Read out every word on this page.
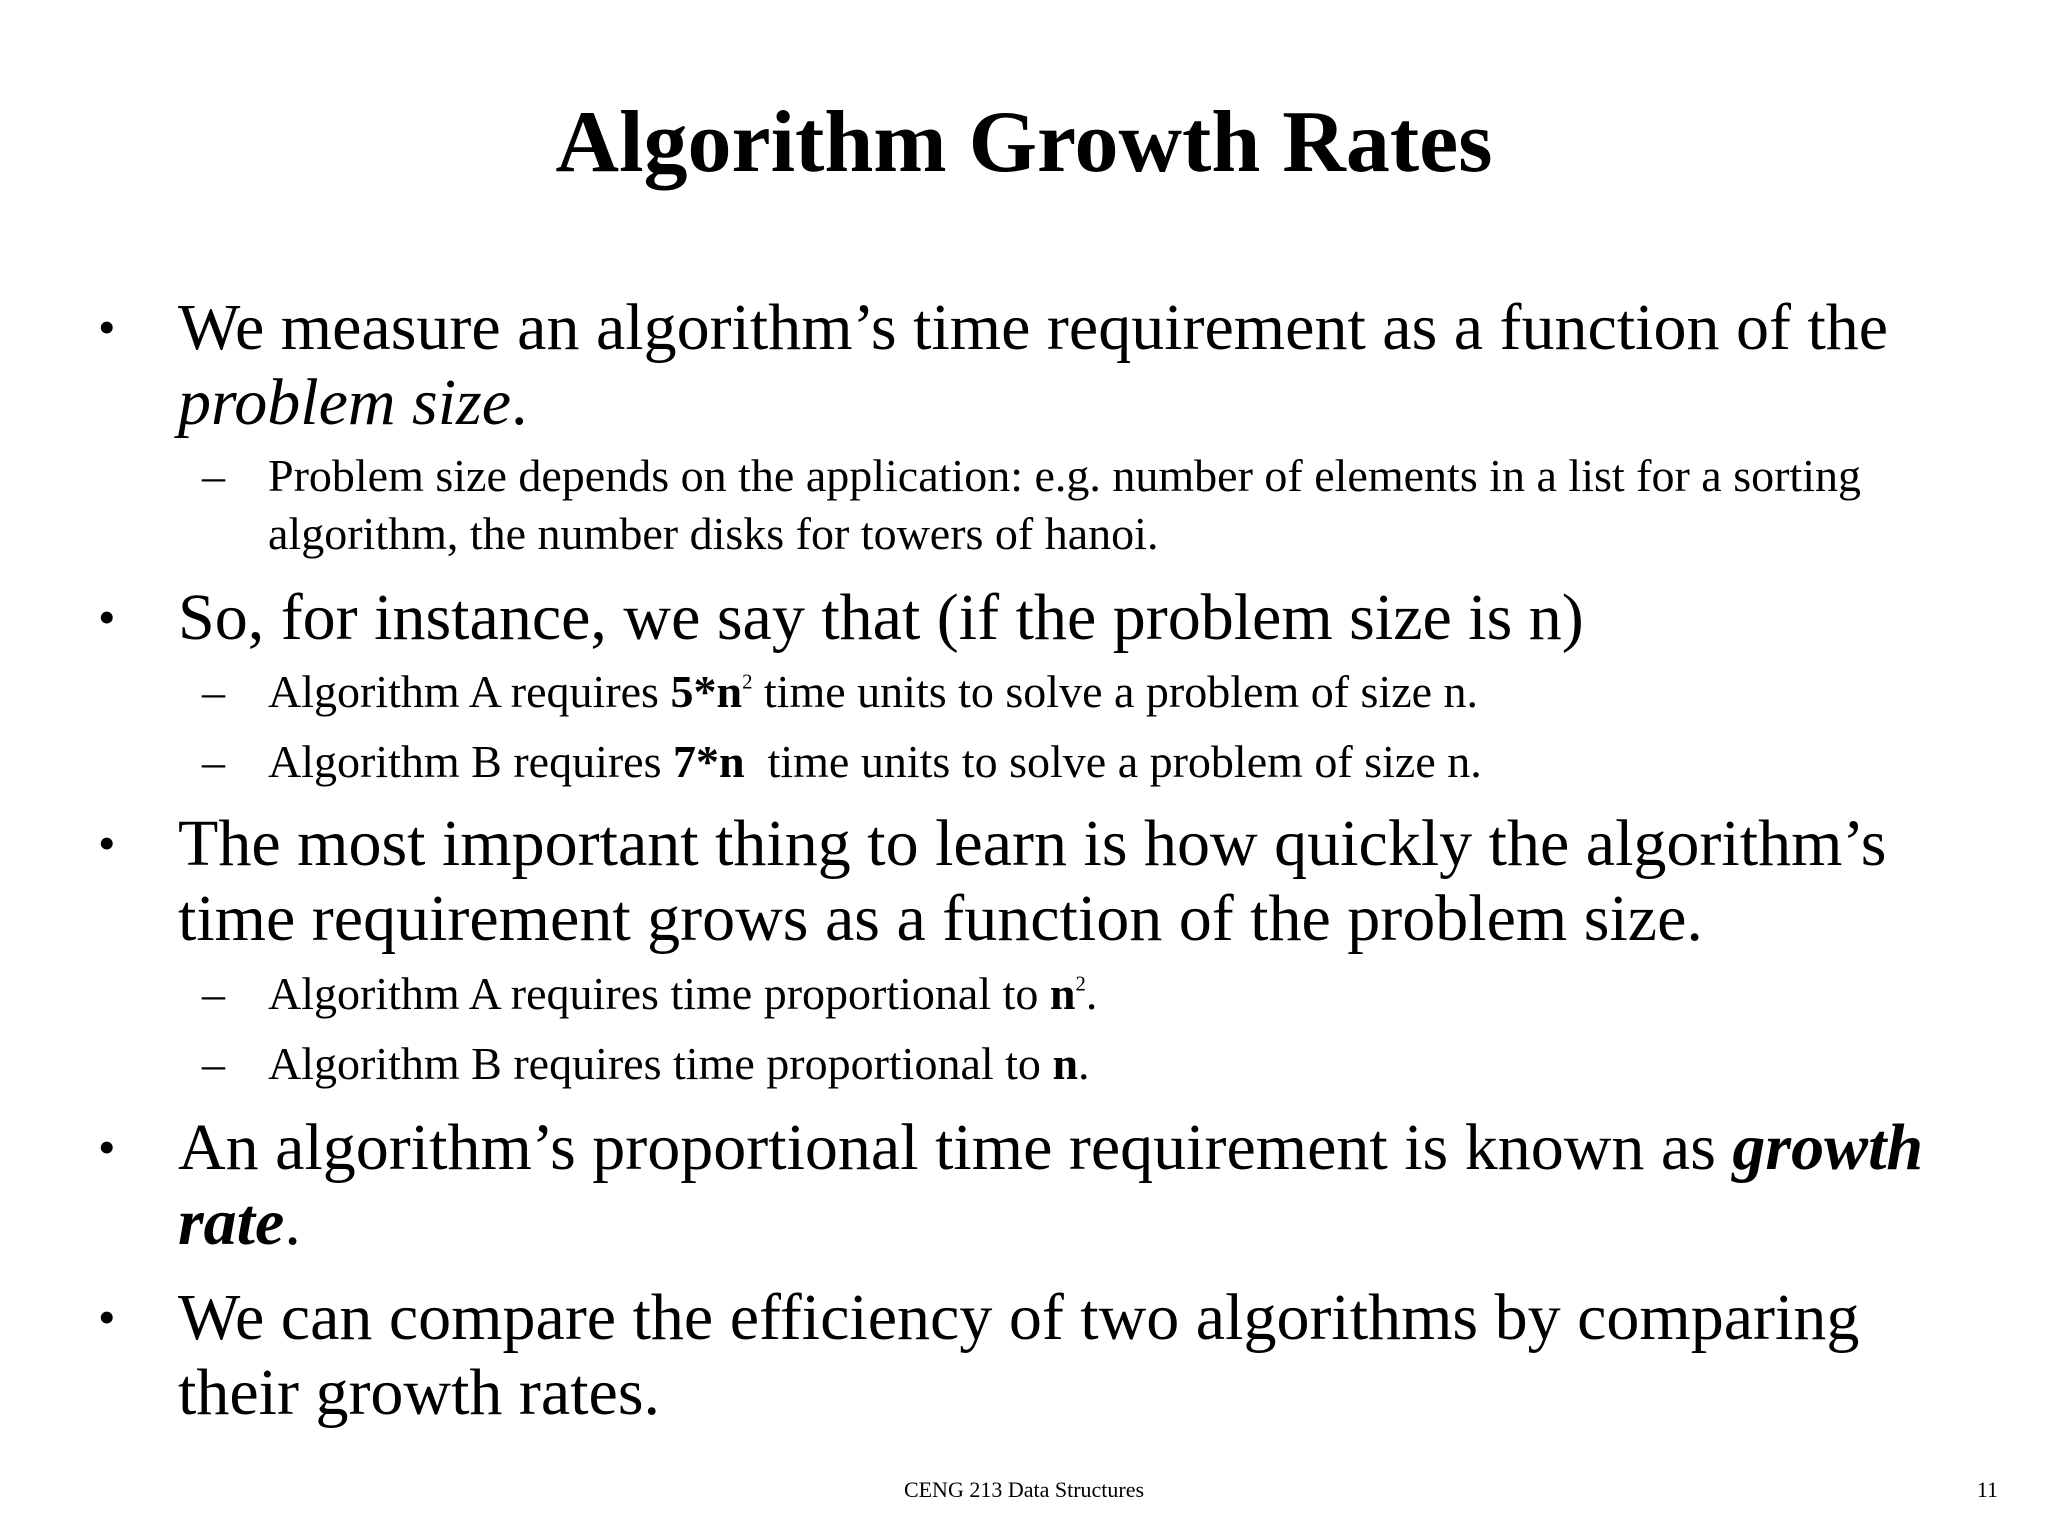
Algorithm Growth Rates
• We measure an algorithm’s time requirement as a function of the problem size.
– Problem size depends on the application: e.g. number of elements in a list for a sorting algorithm, the number disks for towers of hanoi.
• So, for instance, we say that (if the problem size is n)
– Algorithm A requires $5*n^2$ time units to solve a problem of size n.
– Algorithm B requires 7*n  time units to solve a problem of size n.
• The most important thing to learn is how quickly the algorithm’s time requirement grows as a function of the problem size.
– Algorithm A requires time proportional to $n^2$.
– Algorithm B requires time proportional to n.
• An algorithm’s proportional time requirement is known as growth rate.
• We can compare the efficiency of two algorithms by comparing their growth rates.
CENG 213 Data Structures	11
